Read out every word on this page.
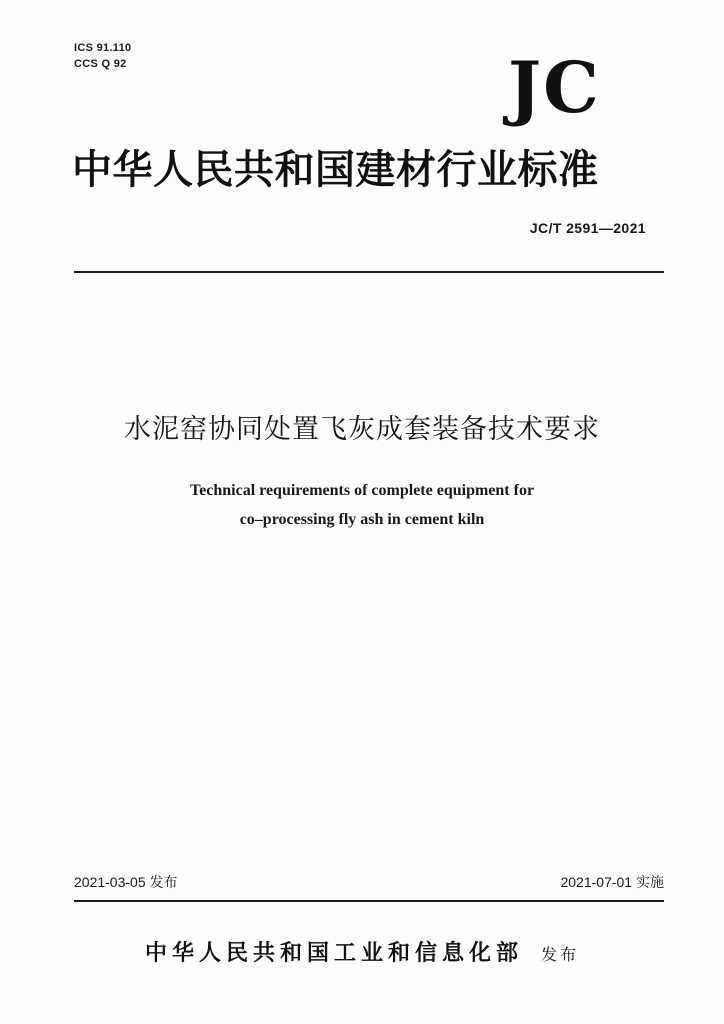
ICS 91.110
CCS Q 92	JC
中华人民共和国建材行业标准
JC/T 2591—2021
水泥窑协同处置飞灰成套装备技术要求
Technical requirements of complete equipment for
co–processing fly ash in cement kiln
2021-03-05 发布	2021-07-01 实施
中华人民共和国工业和信息化部 发布
